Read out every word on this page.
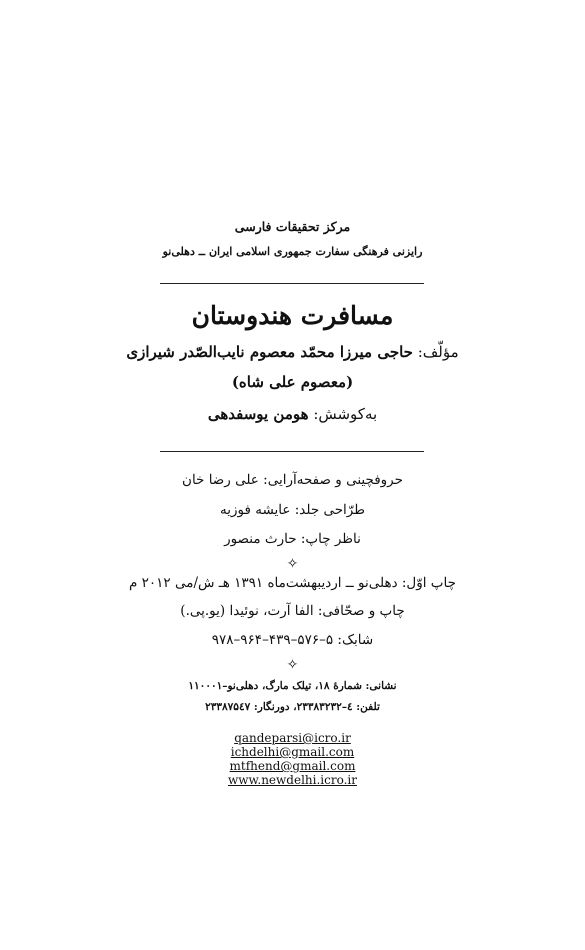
مرکز تحقیقات فارسی
رایزنی فرهنگی سفارت جمهوری اسلامی ایران ــ دهلی‌نو
مسافرت هندوستان
مؤلّف: حاجی میرزا محمّد معصوم نایب‌الصّدر شیرازی
(معصوم علی شاه)
به‌کوشش: هومن یوسفدهی
حروفچینی و صفحه‌آرایی: علی رضا خان
طرّاحی جلد: عایشه فوزیه
ناظر چاپ: حارث منصور
✧
چاپ اوّل: دهلی‌نو ــ اردیبهشت‌ماه ۱۳۹۱ هـ ش/می ۲۰۱۲ م
چاپ و صحّافی: الفا آرت، نوئیدا (یو.پی.)
شابک: ۵–۵۷۶–۴۳۹–۹۶۴–۹۷۸
✧
نشانی: شمارۀ ۱۸، تیلک مارگ، دهلی‌نو–۱۱۰۰۰۱
تلفن: ٤–۲۳۳۸۳۲۳۲، دورنگار: ۲۳۳۸۷۵٤۷
qandeparsi@icro.ir
ichdelhi@gmail.com
mtfhend@gmail.com
www.newdelhi.icro.ir
